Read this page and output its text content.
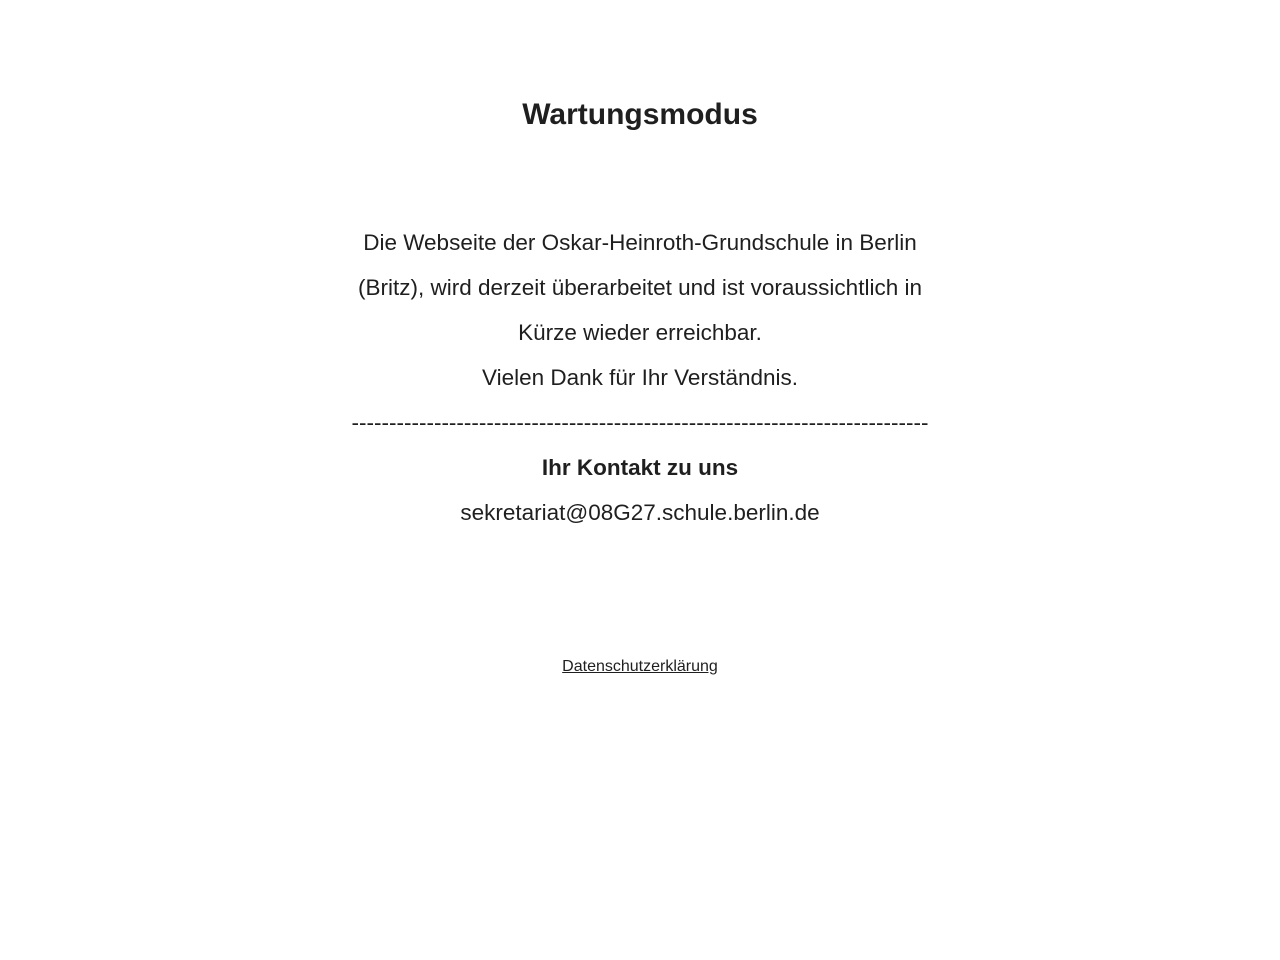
Wartungsmodus

Die Webseite der Oskar-Heinroth-Grundschule in Berlin (Britz), wird derzeit überarbeitet und ist voraussichtlich in Kürze wieder erreichbar.

Vielen Dank für Ihr Verständnis.

-----------------------------------------------------------------------------

Ihr Kontakt zu uns

sekretariat@08G27.schule.berlin.de

Datenschutzerklärung
